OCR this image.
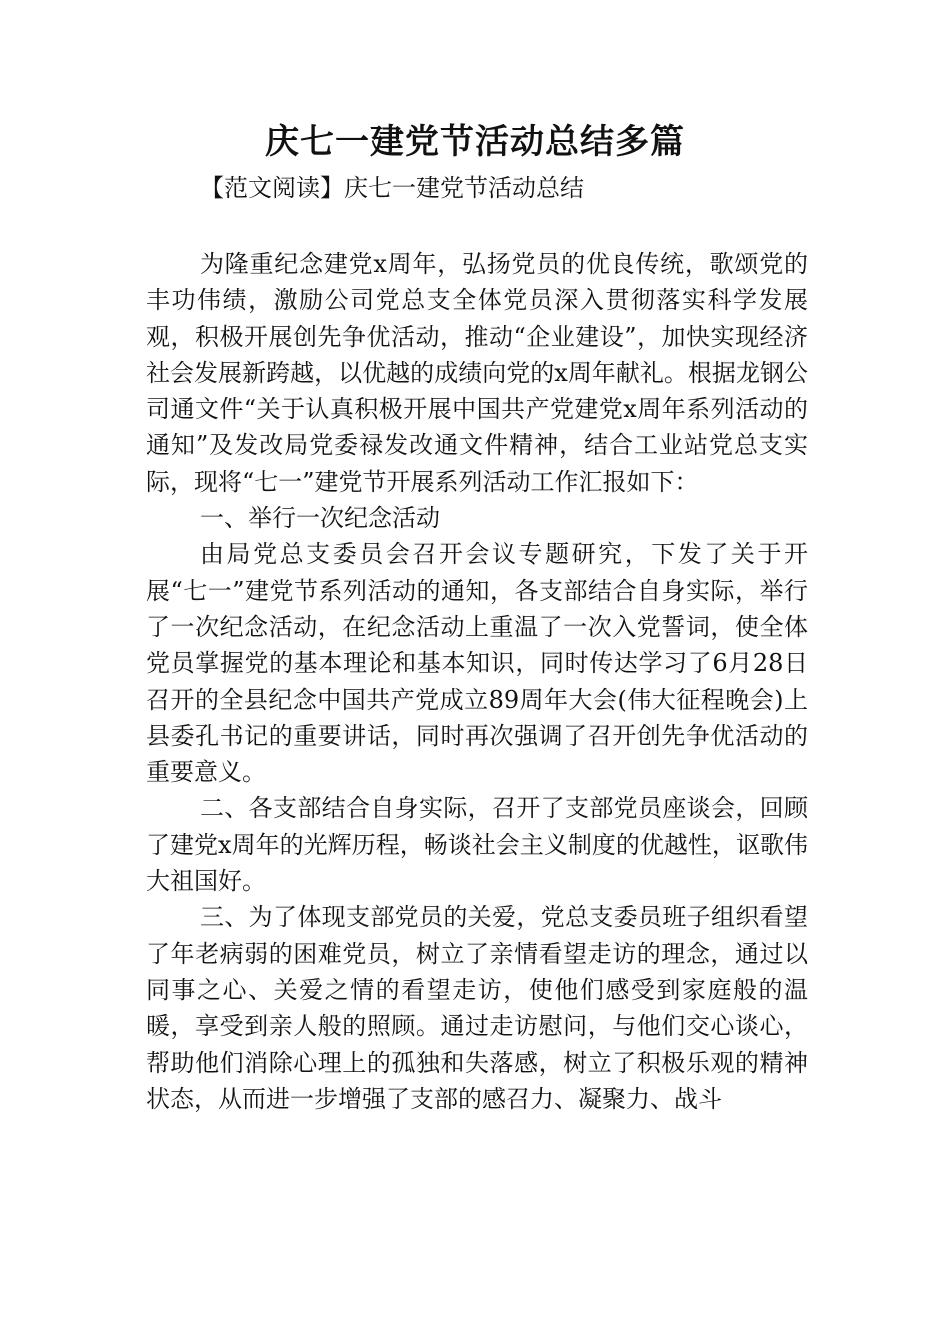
庆七一建党节活动总结多篇
【范文阅读】庆七一建党节活动总结

为隆重纪念建党x周年，弘扬党员的优良传统，歌颂党的丰功伟绩，激励公司党总支全体党员深入贯彻落实科学发展观，积极开展创先争优活动，推动“企业建设”，加快实现经济社会发展新跨越，以优越的成绩向党的x周年献礼。根据龙钢公司通文件“关于认真积极开展中国共产党建党x周年系列活动的通知”及发改局党委禄发改通文件精神，结合工业站党总支实际，现将“七一”建党节开展系列活动工作汇报如下：

一、举行一次纪念活动

由局党总支委员会召开会议专题研究，下发了关于开展“七一”建党节系列活动的通知，各支部结合自身实际，举行了一次纪念活动，在纪念活动上重温了一次入党誓词，使全体党员掌握党的基本理论和基本知识，同时传达学习了6月28日召开的全县纪念中国共产党成立89周年大会(伟大征程晚会)上县委孔书记的重要讲话，同时再次强调了召开创先争优活动的重要意义。

二、各支部结合自身实际，召开了支部党员座谈会，回顾了建党x周年的光辉历程，畅谈社会主义制度的优越性，讴歌伟大祖国好。

三、为了体现支部党员的关爱，党总支委员班子组织看望了年老病弱的困难党员，树立了亲情看望走访的理念，通过以同事之心、关爱之情的看望走访，使他们感受到家庭般的温暖，享受到亲人般的照顾。通过走访慰问，与他们交心谈心，帮助他们消除心理上的孤独和失落感，树立了积极乐观的精神状态，从而进一步增强了支部的感召力、凝聚力、战斗
